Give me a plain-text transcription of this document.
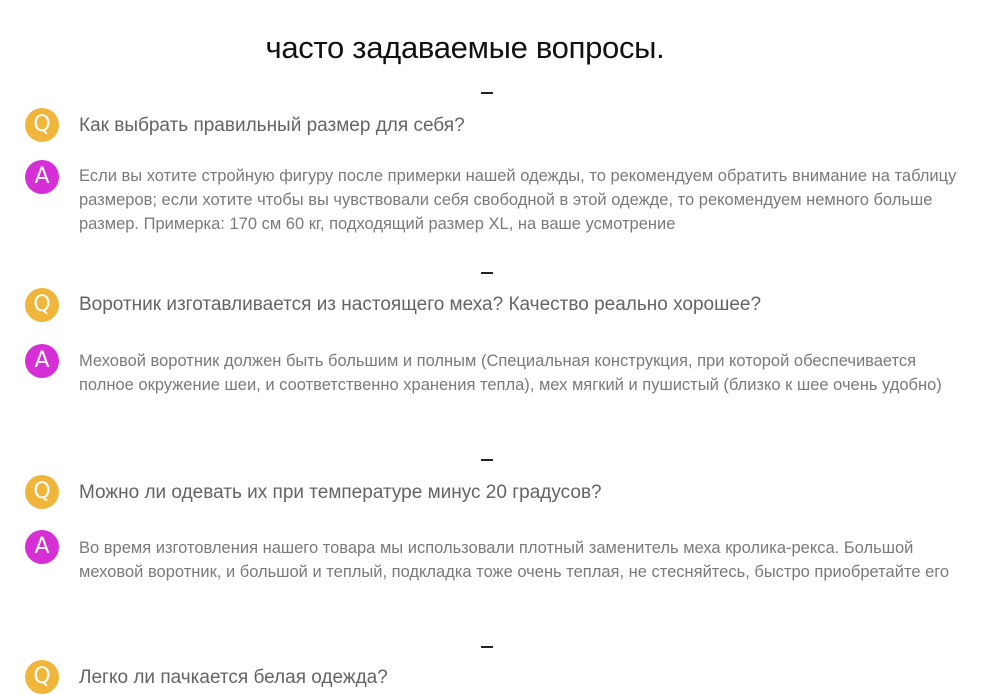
часто задаваемые вопросы.
Q	Как выбрать правильный размер для себя?
A	Если вы хотите стройную фигуру после примерки нашей одежды, то рекомендуем обратить внимание на таблицу размеров; если хотите чтобы вы чувствовали себя свободной в этой одежде, то рекомендуем немного больше размер. Примерка: 170 см 60 кг, подходящий размер XL, на ваше усмотрение
Q	Воротник изготавливается из настоящего меха? Качество реально хорошее?
A	Меховой воротник должен быть большим и полным (Специальная конструкция, при которой обеспечивается полное окружение шеи, и соответственно хранения тепла), мех мягкий и пушистый (близко к шее очень удобно)
Q	Можно ли одевать их при температуре минус 20 градусов?
A	Во время изготовления нашего товара мы использовали плотный заменитель меха кролика-рекса. Большой меховой воротник, и большой и теплый, подкладка тоже очень теплая, не стесняйтесь, быстро приобретайте его
Q	Легко ли пачкается белая одежда?
